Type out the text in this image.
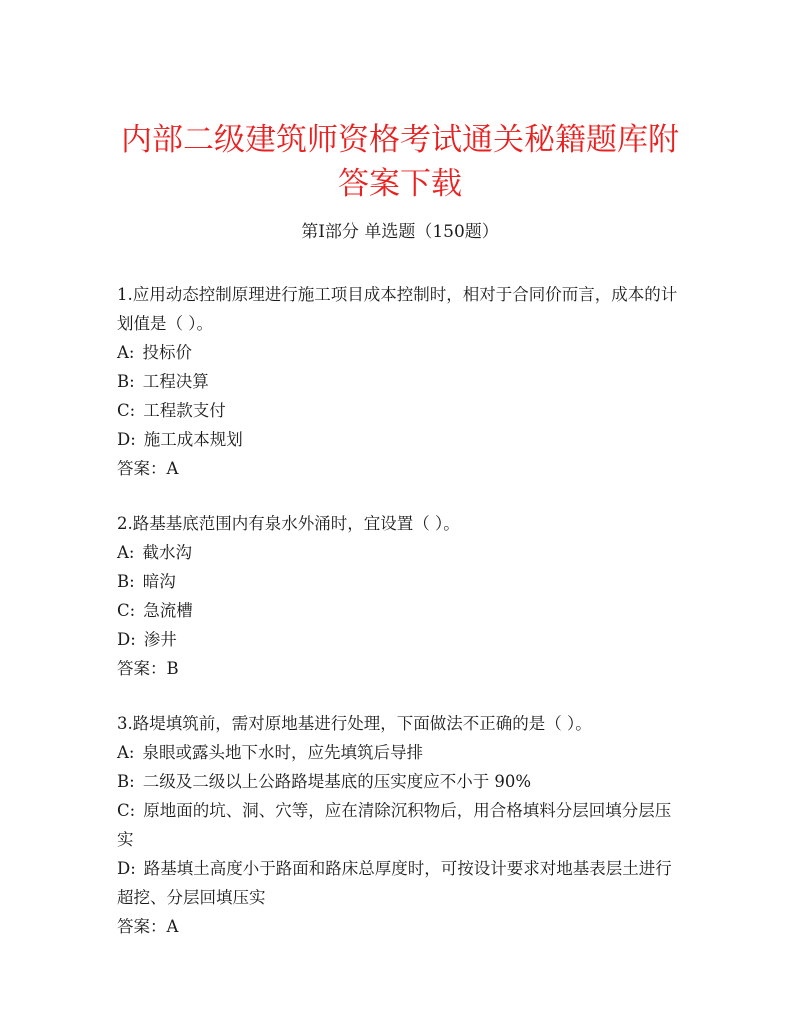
内部二级建筑师资格考试通关秘籍题库附答案下载
第Ⅰ部分 单选题（150题）
1.应用动态控制原理进行施工项目成本控制时，相对于合同价而言，成本的计划值是（ ）。
A: 投标价
B: 工程决算
C: 工程款支付
D: 施工成本规划
答案：A
2.路基基底范围内有泉水外涌时，宜设置（ ）。
A: 截水沟
B: 暗沟
C: 急流槽
D: 渗井
答案：B
3.路堤填筑前，需对原地基进行处理，下面做法不正确的是（ ）。
A: 泉眼或露头地下水时，应先填筑后导排
B: 二级及二级以上公路路堤基底的压实度应不小于 90%
C: 原地面的坑、洞、穴等，应在清除沉积物后，用合格填料分层回填分层压实
D: 路基填土高度小于路面和路床总厚度时，可按设计要求对地基表层土进行超挖、分层回填压实
答案：A
